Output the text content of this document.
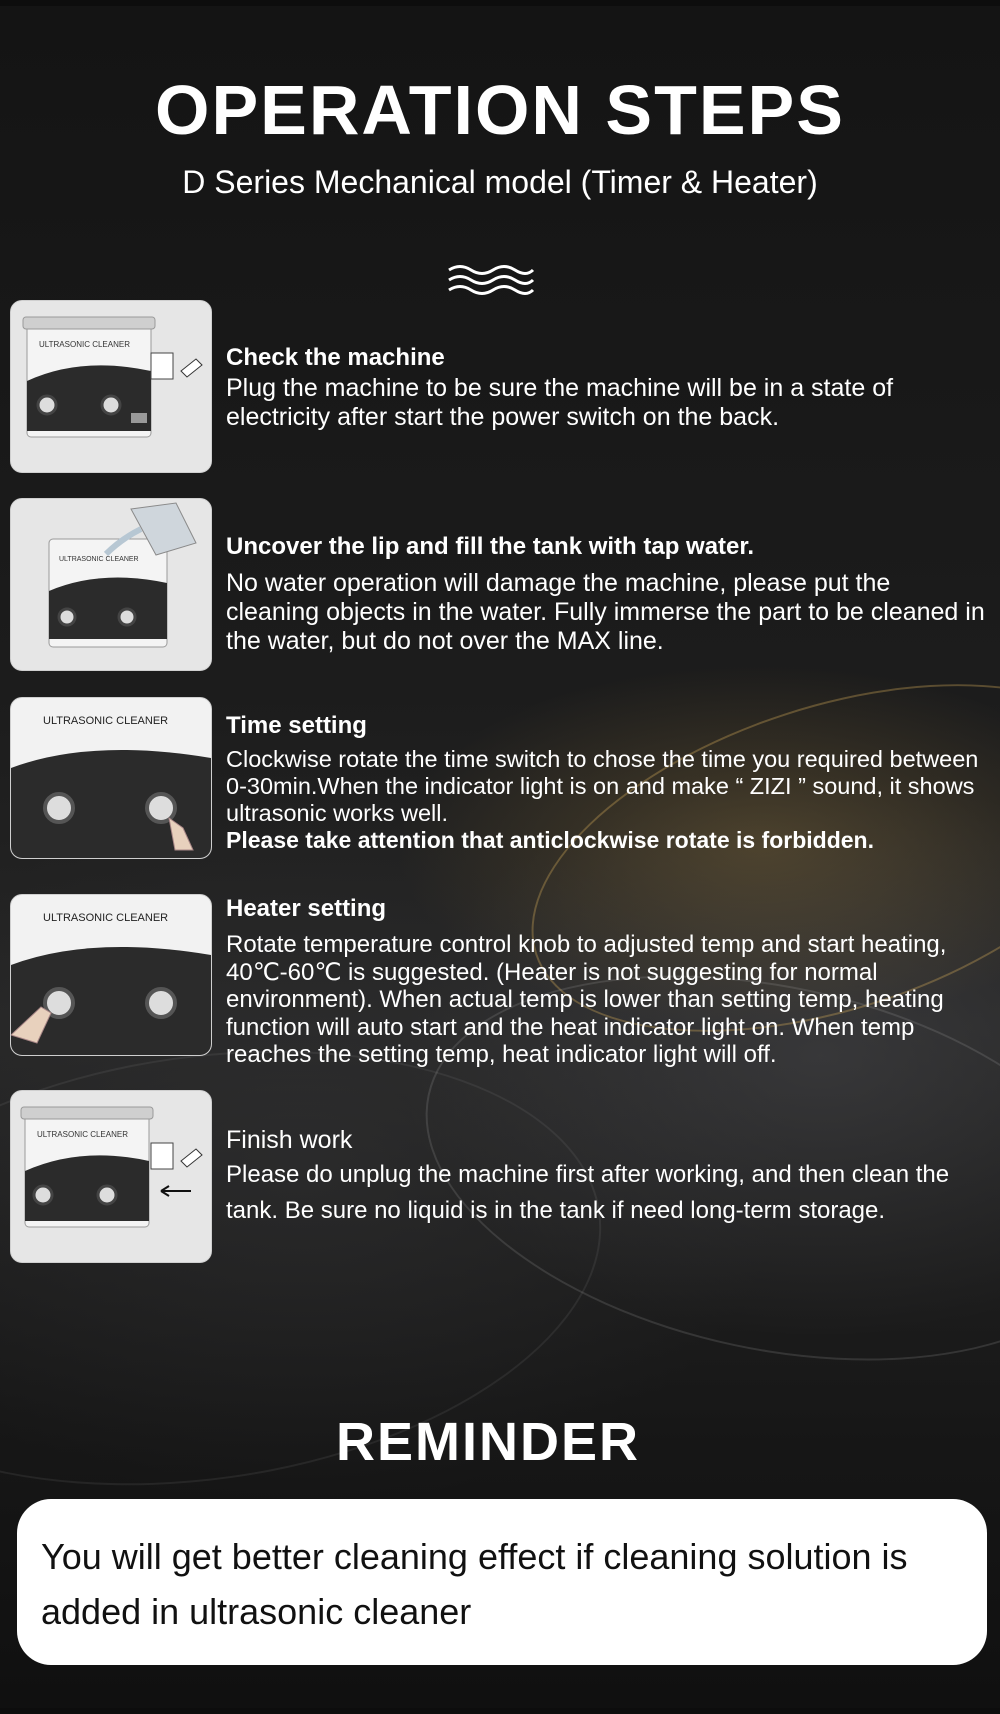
OPERATION STEPS
D Series Mechanical model (Timer & Heater)
ULTRASONIC CLEANER	Check the machine

Plug the machine to be sure the machine will be in a state of electricity after start the power switch on the back.

ULTRASONIC CLEANER	Uncover the lip and fill the tank with tap water.

No water operation will damage the machine, please put the cleaning objects in the water. Fully immerse the part to be cleaned in the water, but do not over the MAX line.

ULTRASONIC CLEANER Time setting

Clockwise rotate the time switch to chose the time you required between 0-30min.When the indicator light is on and make “ ZIZI ” sound, it shows ultrasonic works well.

Please take attention that anticlockwise rotate is forbidden.
ULTRASONIC CLEANER Heater setting

Rotate temperature control knob to adjusted temp and start heating, 40℃-60℃ is suggested. (Heater is not suggesting for normal environment). When actual temp is lower than setting temp, heating function will auto start and the heat indicator light on. When temp reaches the setting temp, heat indicator light will off.

ULTRASONIC CLEANER	Finish work

Please do unplug the machine first after working, and then clean the tank. Be sure no liquid is in the tank if need long-term storage.

REMINDER
You will get better cleaning effect if cleaning solution is added in ultrasonic cleaner
